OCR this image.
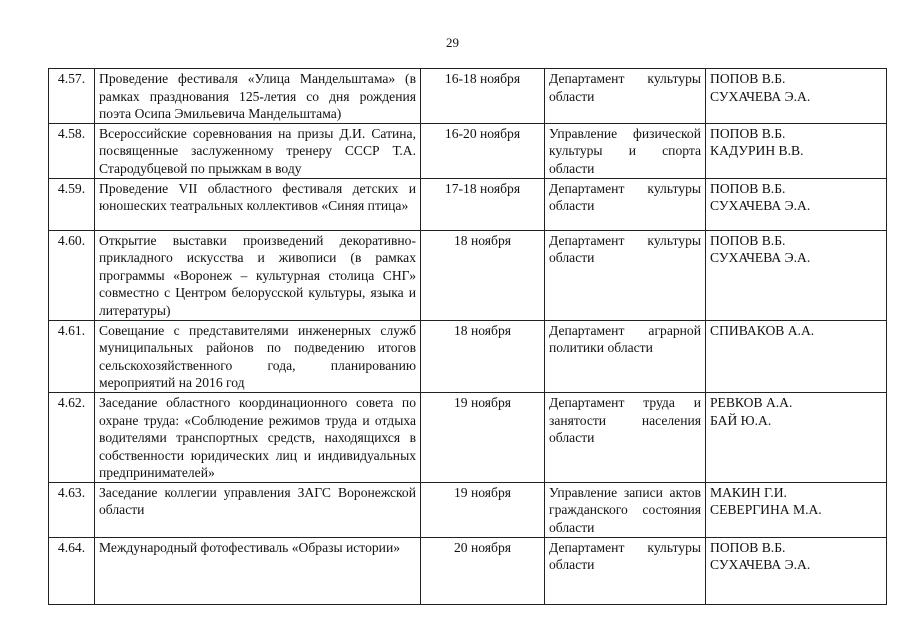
29
4.57.	Проведение фестиваля «Улица Мандельштама» (в рамках празднования 125-летия со дня рождения поэта Осипа Эмильевича Мандельштама)	16-18 ноября	Департамент культуры области	ПОПОВ В.Б.
СУХАЧЕВА Э.А.
4.58.	Всероссийские соревнования на призы Д.И. Сатина, посвященные заслуженному тренеру СССР Т.А. Стародубцевой по прыжкам в воду	16-20 ноября	Управление физической культуры и спорта области	ПОПОВ В.Б.
КАДУРИН В.В.
4.59.	Проведение VII областного фестиваля детских и юношеских театральных коллективов «Синяя птица»	17-18 ноября	Департамент культуры области	ПОПОВ В.Б.
СУХАЧЕВА Э.А.
4.60.	Открытие выставки произведений декоративно-прикладного искусства и живописи (в рамках программы «Воронеж – культурная столица СНГ» совместно с Центром белорусской культуры, языка и литературы)	18 ноября	Департамент культуры области	ПОПОВ В.Б.
СУХАЧЕВА Э.А.
4.61.	Совещание с представителями инженерных служб муниципальных районов по подведению итогов сельскохозяйственного года, планированию мероприятий на 2016 год	18 ноября	Департамент аграрной политики области	СПИВАКОВ А.А.
4.62.	Заседание областного координационного совета по охране труда: «Соблюдение режимов труда и отдыха водителями транспортных средств, находящихся в собственности юридических лиц и индивидуальных предпринимателей»	19 ноября	Департамент труда и занятости населения области	РЕВКОВ А.А.
БАЙ Ю.А.
4.63.	Заседание коллегии управления ЗАГС Воронежской области	19 ноября	Управление записи актов гражданского состояния области	МАКИН Г.И.
СЕВЕРГИНА М.А.
4.64.	Международный фотофестиваль «Образы истории»	20 ноября	Департамент культуры области	ПОПОВ В.Б.
СУХАЧЕВА Э.А.
